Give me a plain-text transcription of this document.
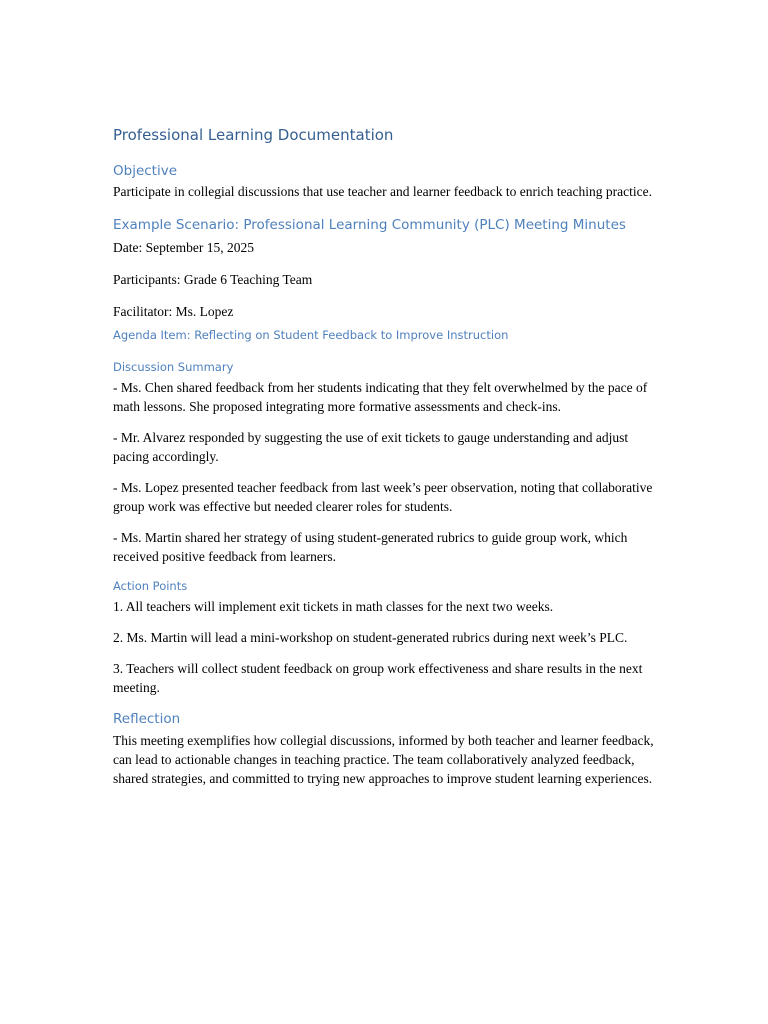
Professional Learning Documentation
Objective

Participate in collegial discussions that use teacher and learner feedback to enrich teaching practice.

Example Scenario: Professional Learning Community (PLC) Meeting Minutes

Date: September 15, 2025

Participants: Grade 6 Teaching Team

Facilitator: Ms. Lopez

Agenda Item: Reflecting on Student Feedback to Improve Instruction
Discussion Summary

- Ms. Chen shared feedback from her students indicating that they felt overwhelmed by the pace of math lessons. She proposed integrating more formative assessments and check-ins.

- Mr. Alvarez responded by suggesting the use of exit tickets to gauge understanding and adjust pacing accordingly.

- Ms. Lopez presented teacher feedback from last week’s peer observation, noting that collaborative group work was effective but needed clearer roles for students.

- Ms. Martin shared her strategy of using student-generated rubrics to guide group work, which received positive feedback from learners.

Action Points

1. All teachers will implement exit tickets in math classes for the next two weeks.

2. Ms. Martin will lead a mini-workshop on student-generated rubrics during next week’s PLC.

3. Teachers will collect student feedback on group work effectiveness and share results in the next meeting.

Reflection

This meeting exemplifies how collegial discussions, informed by both teacher and learner feedback, can lead to actionable changes in teaching practice. The team collaboratively analyzed feedback, shared strategies, and committed to trying new approaches to improve student learning experiences.
